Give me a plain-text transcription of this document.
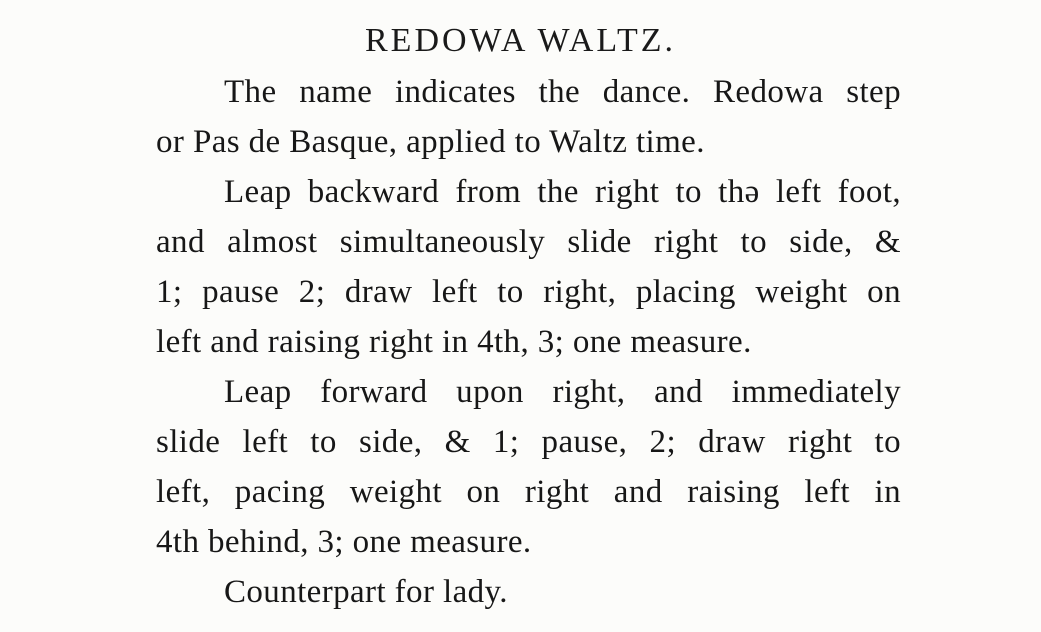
REDOWA WALTZ.
The name indicates the dance. Redowa step
or Pas de Basque, applied to Waltz time.
Leap backward from the right to thə left foot,
and almost simultaneously slide right to side, &
1; pause 2; draw left to right, placing weight on
left and raising right in 4th, 3; one measure.
Leap forward upon right, and immediately
slide left to side, & 1; pause, 2; draw right to
left, pacing weight on right and raising left in
4th behind, 3; one measure.
Counterpart for lady.
